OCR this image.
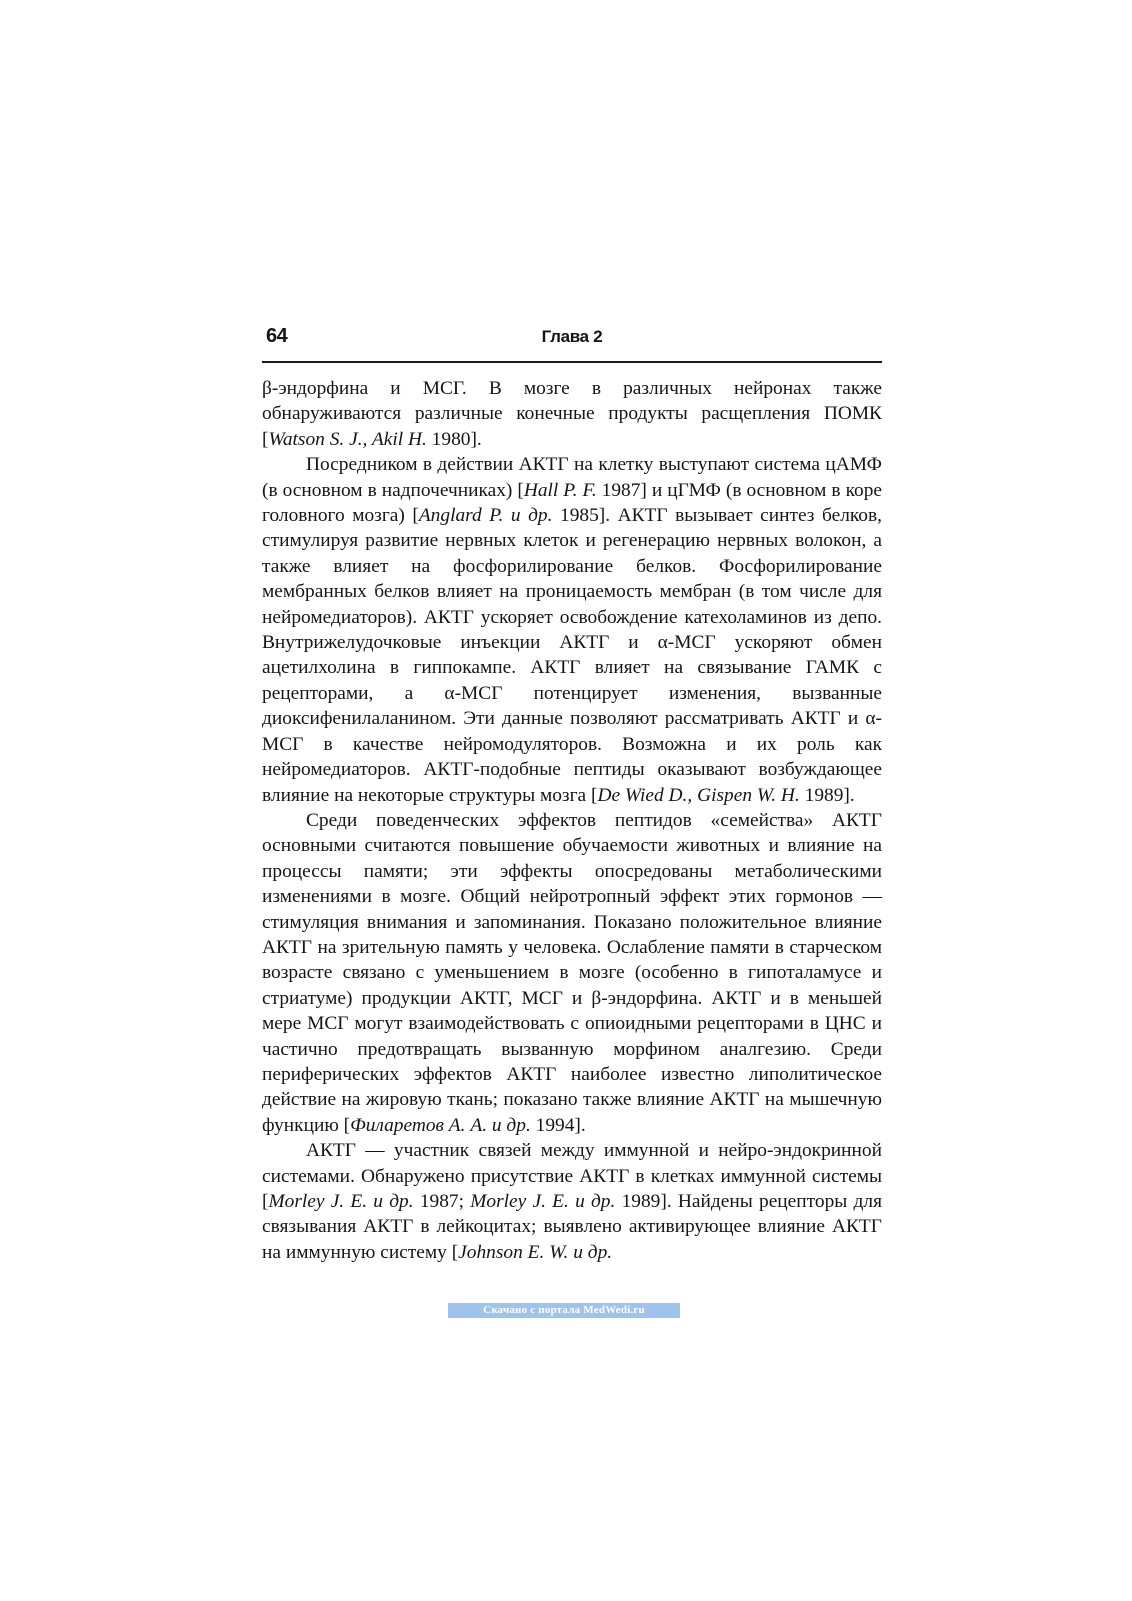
64	Глава 2

β-эндорфина и МСГ. В мозге в различных нейронах также обнаруживаются различные конечные продукты расщепления ПОМК [Watson S. J., Akil H. 1980].

Посредником в действии АКТГ на клетку выступают система цАМФ (в основном в надпочечниках) [Hall P. F. 1987] и цГМФ (в основном в коре головного мозга) [Anglard P. и др. 1985]. АКТГ вызывает синтез белков, стимулируя развитие нервных клеток и регенерацию нервных волокон, а также влияет на фосфорилирование белков. Фосфорилирование мембранных белков влияет на проницаемость мембран (в том числе для нейромедиаторов). АКТГ ускоряет освобождение катехоламинов из депо. Внутрижелудочковые инъекции АКТГ и α-МСГ ускоряют обмен ацетилхолина в гиппокампе. АКТГ влияет на связывание ГАМК с рецепторами, а α-МСГ потенцирует изменения, вызванные диоксифенилаланином. Эти данные позволяют рассматривать АКТГ и α-МСГ в качестве нейромодуляторов. Возможна и их роль как нейромедиаторов. АКТГ-подобные пептиды оказывают возбуждающее влияние на некоторые структуры мозга [De Wied D., Gispen W. H. 1989].

Среди поведенческих эффектов пептидов «семейства» АКТГ основными считаются повышение обучаемости животных и влияние на процессы памяти; эти эффекты опосредованы метаболическими изменениями в мозге. Общий нейротропный эффект этих гормонов — стимуляция внимания и запоминания. Показано положительное влияние АКТГ на зрительную память у человека. Ослабление памяти в старческом возрасте связано с уменьшением в мозге (особенно в гипоталамусе и стриатуме) продукции АКТГ, МСГ и β-эндорфина. АКТГ и в меньшей мере МСГ могут взаимодействовать с опиоидными рецепторами в ЦНС и частично предотвращать вызванную морфином аналгезию. Среди периферических эффектов АКТГ наиболее известно липолитическое действие на жировую ткань; показано также влияние АКТГ на мышечную функцию [Филаретов А. А. и др. 1994].

АКТГ — участник связей между иммунной и нейро-эндокринной системами. Обнаружено присутствие АКТГ в клетках иммунной системы [Morley J. E. и др. 1987; Morley J. E. и др. 1989]. Найдены рецепторы для связывания АКТГ в лейкоцитах; выявлено активирующее влияние АКТГ на иммунную систему [Johnson E. W. и др.

Скачано с портала MedWedi.ru
